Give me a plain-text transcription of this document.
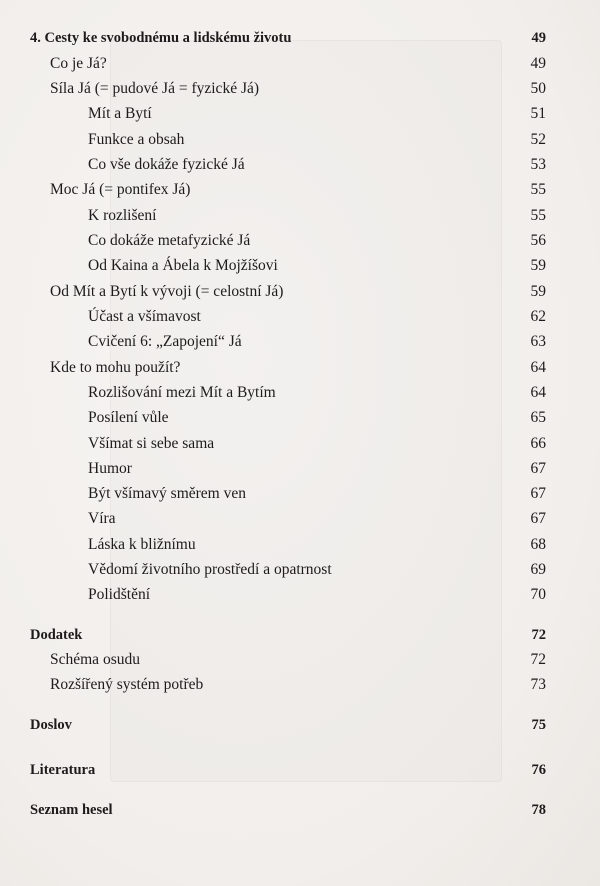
4. Cesty ke svobodnému a lidskému životu	49
Co je Já?	49
Síla Já (= pudové Já = fyzické Já)	50
Mít a Bytí	51
Funkce a obsah	52
Co vše dokáže fyzické Já	53
Moc Já (= pontifex Já)	55
K rozlišení	55
Co dokáže metafyzické Já	56
Od Kaina a Ábela k Mojžíšovi	59
Od Mít a Bytí k vývoji (= celostní Já)	59
Účast a všímavost	62
Cvičení 6: „Zapojení“ Já	63
Kde to mohu použít?	64
Rozlišování mezi Mít a Bytím	64
Posílení vůle	65
Všímat si sebe sama	66
Humor	67
Být všímavý směrem ven	67
Víra	67
Láska k bližnímu	68
Vědomí životního prostředí a opatrnost	69
Polidštění	70
Dodatek	72
Schéma osudu	72
Rozšířený systém potřeb	73
Doslov	75
Literatura	76
Seznam hesel	78
